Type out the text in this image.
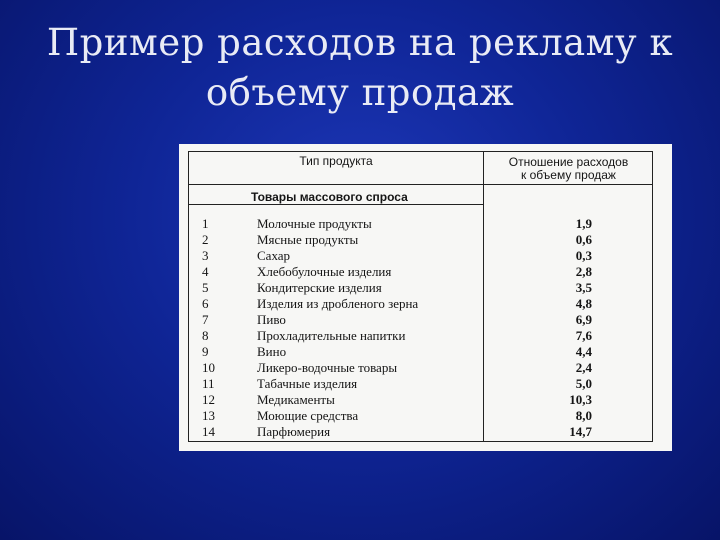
Пример расходов на рекламу к
объему продаж
Тип продукта	Отношение расходов
к объему продаж
Товары массового спроса
1	Молочные продукты	1,9
2	Мясные продукты	0,6
3	Сахар	0,3
4	Хлебобулочные изделия	2,8
5	Кондитерские изделия	3,5
6	Изделия из дробленого зерна	4,8
7	Пиво	6,9
8	Прохладительные напитки	7,6
9	Вино	4,4
10	Ликеро-водочные товары	2,4
11	Табачные изделия	5,0
12	Медикаменты	10,3
13	Моющие средства	8,0
14	Парфюмерия	14,7
